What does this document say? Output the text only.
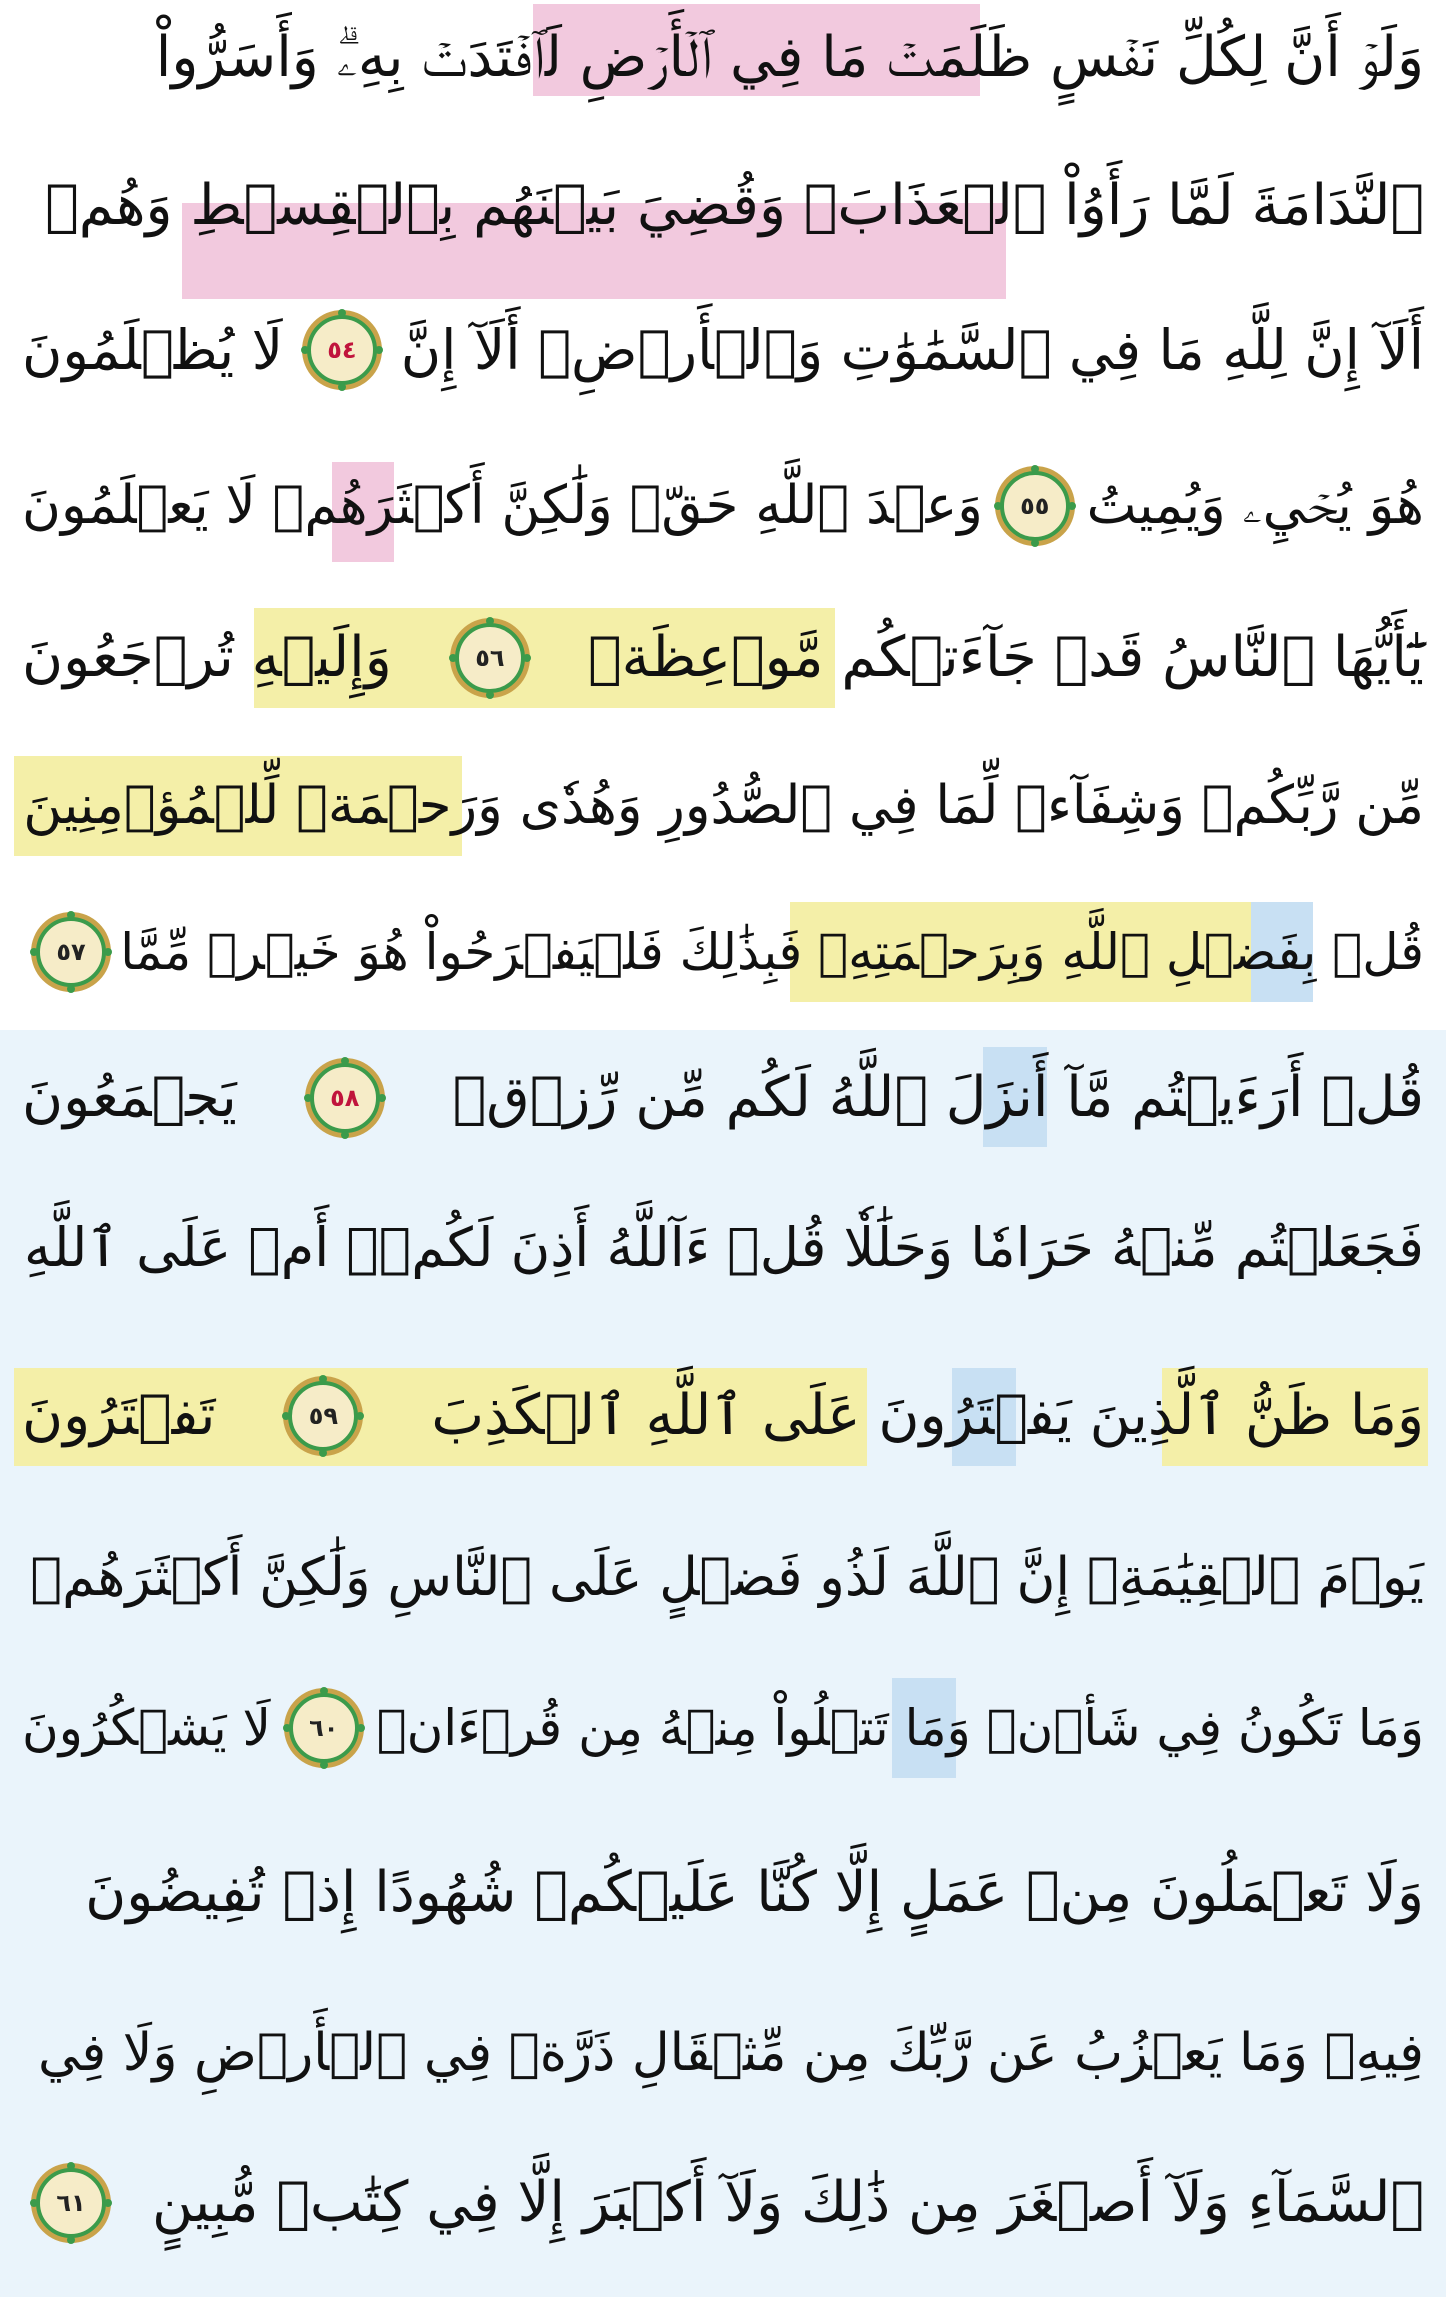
وَلَوۡ أَنَّ لِكُلِّ نَفۡسٍ ظَلَمَتۡ مَا فِي ٱلۡأَرۡضِ لَٱفۡتَدَتۡ بِهِۦۗ وَأَسَرُّواْ
ٱلنَّدَامَةَ لَمَّا رَأَوُاْ ٱلۡعَذَابَۖ وَقُضِيَ بَيۡنَهُم بِٱلۡقِسۡطِ وَهُمۡ
أَلَآ إِنَّ لِلَّهِ مَا فِي ٱلسَّمَٰوَٰتِ وَٱلۡأَرۡضِۗ أَلَآ إِنَّ
٥٤
لَا يُظۡلَمُونَ
هُوَ يُحۡيِۦ وَيُمِيتُ
٥٥
وَعۡدَ ٱللَّهِ حَقّٞ وَلَٰكِنَّ أَكۡثَرَهُمۡ لَا يَعۡلَمُونَ
يَٰٓأَيُّهَا ٱلنَّاسُ قَدۡ جَآءَتۡكُم مَّوۡعِظَةٞ
٥٦
وَإِلَيۡهِ تُرۡجَعُونَ
مِّن رَّبِّكُمۡ وَشِفَآءٞ لِّمَا فِي ٱلصُّدُورِ وَهُدٗى وَرَحۡمَةٞ لِّلۡمُؤۡمِنِينَ
قُلۡ بِفَضۡلِ ٱللَّهِ وَبِرَحۡمَتِهِۦ فَبِذَٰلِكَ فَلۡيَفۡرَحُواْ هُوَ خَيۡرٞ مِّمَّا
٥٧
قُلۡ أَرَءَيۡتُم مَّآ أَنزَلَ ٱللَّهُ لَكُم مِّن رِّزۡقٖ
٥٨
يَجۡمَعُونَ
فَجَعَلۡتُم مِّنۡهُ حَرَامٗا وَحَلَٰلٗا قُلۡ ءَآللَّهُ أَذِنَ لَكُمۡۖ أَمۡ عَلَى ٱللَّهِ
وَمَا ظَنُّ ٱلَّذِينَ يَفۡتَرُونَ عَلَى ٱللَّهِ ٱلۡكَذِبَ
٥٩
تَفۡتَرُونَ
يَوۡمَ ٱلۡقِيَٰمَةِۗ إِنَّ ٱللَّهَ لَذُو فَضۡلٍ عَلَى ٱلنَّاسِ وَلَٰكِنَّ أَكۡثَرَهُمۡ
وَمَا تَكُونُ فِي شَأۡنٖ وَمَا تَتۡلُواْ مِنۡهُ مِن قُرۡءَانٖ
٦٠
لَا يَشۡكُرُونَ
وَلَا تَعۡمَلُونَ مِنۡ عَمَلٍ إِلَّا كُنَّا عَلَيۡكُمۡ شُهُودًا إِذۡ تُفِيضُونَ
فِيهِۚ وَمَا يَعۡزُبُ عَن رَّبِّكَ مِن مِّثۡقَالِ ذَرَّةٖ فِي ٱلۡأَرۡضِ وَلَا فِي
ٱلسَّمَآءِ وَلَآ أَصۡغَرَ مِن ذَٰلِكَ وَلَآ أَكۡبَرَ إِلَّا فِي كِتَٰبٖ مُّبِينٍ
٦١
